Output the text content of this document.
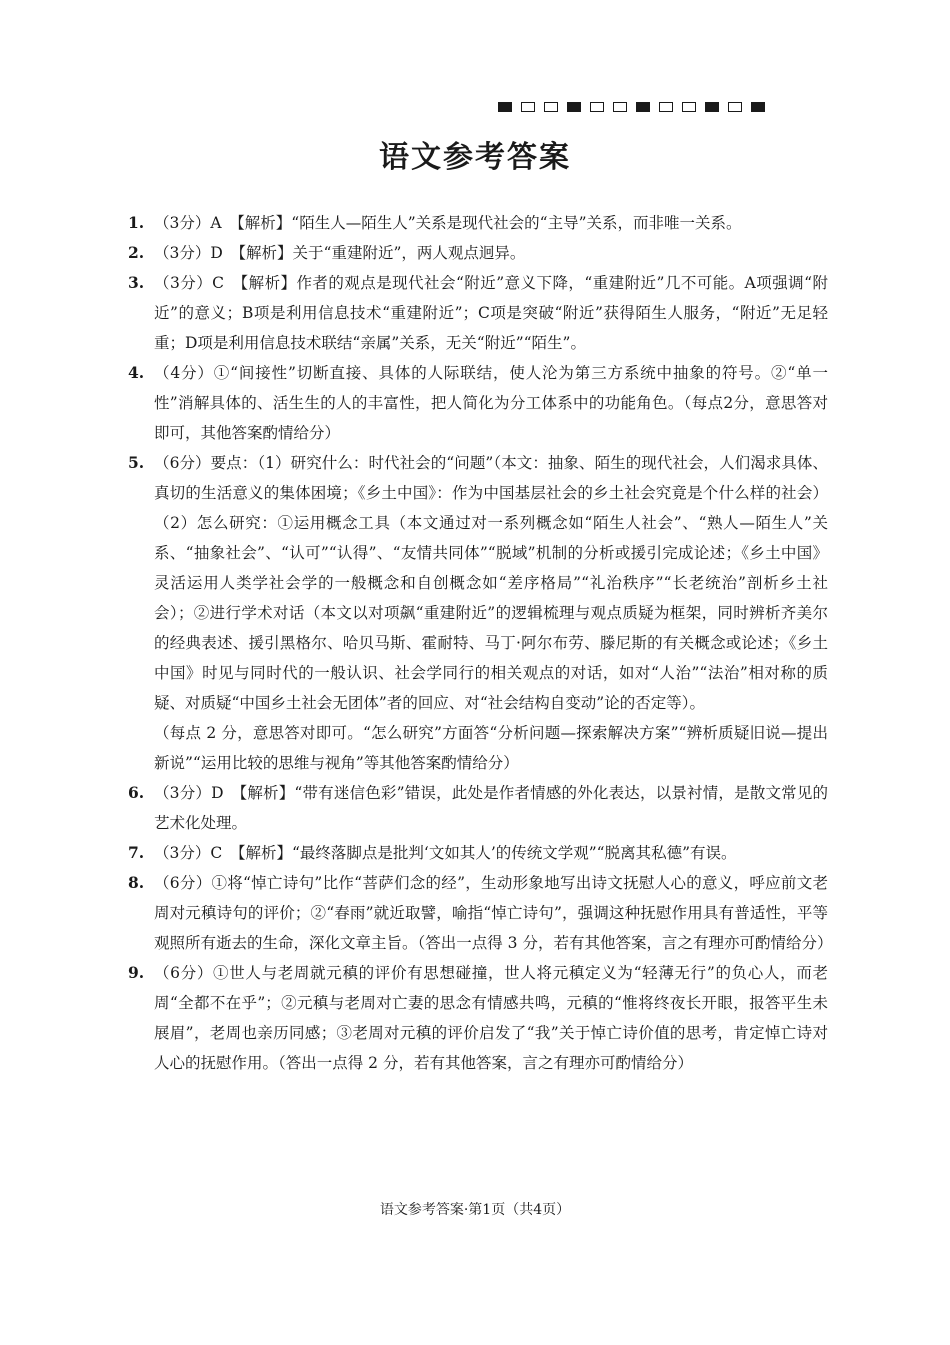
语文参考答案
1. （3分）A　【解析】“陌生人—陌生人”关系是现代社会的“主导”关系，而非唯一关系。
2. （3分）D　【解析】关于“重建附近”，两人观点迥异。
3. （3分）C　【解析】作者的观点是现代社会“附近”意义下降，“重建附近”几不可能。A项强调“附近”的意义；B项是利用信息技术“重建附近”；C项是突破“附近”获得陌生人服务，“附近”无足轻重；D项是利用信息技术联结“亲属”关系，无关“附近”“陌生”。
4. （4分）①“间接性”切断直接、具体的人际联结，使人沦为第三方系统中抽象的符号。②“单一性”消解具体的、活生生的人的丰富性，把人简化为分工体系中的功能角色。（每点2分，意思答对即可，其他答案酌情给分）
5. （6分）要点：（1）研究什么：时代社会的“问题”（本文：抽象、陌生的现代社会，人们渴求具体、真切的生活意义的集体困境；《乡土中国》：作为中国基层社会的乡土社会究竟是个什么样的社会）（2）怎么研究：①运用概念工具（本文通过对一系列概念如“陌生人社会”、“熟人—陌生人”关系、“抽象社会”、“认可”“认得”、“友情共同体”“脱域”机制的分析或援引完成论述；《乡土中国》灵活运用人类学社会学的一般概念和自创概念如“差序格局”“礼治秩序”“长老统治”剖析乡土社会）；②进行学术对话（本文以对项飙“重建附近”的逻辑梳理与观点质疑为框架，同时辨析齐美尔的经典表述、援引黑格尔、哈贝马斯、霍耐特、马丁·阿尔布劳、滕尼斯的有关概念或论述；《乡土中国》时见与同时代的一般认识、社会学同行的相关观点的对话，如对“人治”“法治”相对称的质疑、对质疑“中国乡土社会无团体”者的回应、对“社会结构自变动”论的否定等）。
（每点 2 分，意思答对即可。“怎么研究”方面答“分析问题—探索解决方案”“辨析质疑旧说—提出新说”“运用比较的思维与视角”等其他答案酌情给分）
6. （3分）D　【解析】“带有迷信色彩”错误，此处是作者情感的外化表达，以景衬情，是散文常见的艺术化处理。
7. （3分）C　【解析】“最终落脚点是批判‘文如其人’的传统文学观”“脱离其私德”有误。
8. （6分）①将“悼亡诗句”比作“菩萨们念的经”，生动形象地写出诗文抚慰人心的意义，呼应前文老周对元稹诗句的评价；②“春雨”就近取譬，喻指“悼亡诗句”，强调这种抚慰作用具有普适性，平等观照所有逝去的生命，深化文章主旨。（答出一点得 3 分，若有其他答案，言之有理亦可酌情给分）
9. （6分）①世人与老周就元稹的评价有思想碰撞，世人将元稹定义为“轻薄无行”的负心人，而老周“全都不在乎”；②元稹与老周对亡妻的思念有情感共鸣，元稹的“惟将终夜长开眼，报答平生未展眉”，老周也亲历同感；③老周对元稹的评价启发了“我”关于悼亡诗价值的思考，肯定悼亡诗对人心的抚慰作用。（答出一点得 2 分，若有其他答案，言之有理亦可酌情给分）
语文参考答案·第1页（共4页）
